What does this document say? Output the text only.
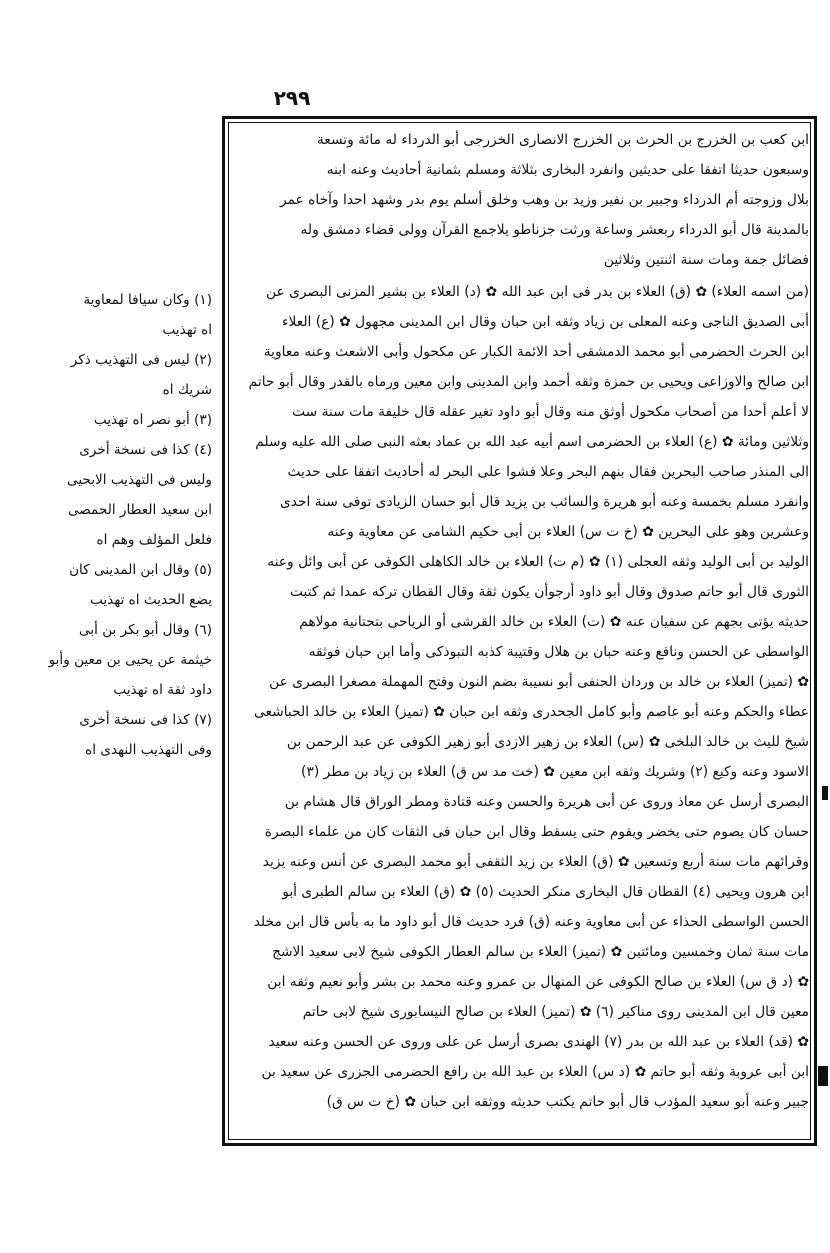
٢٩٩
ابن كعب بن الخزرج بن الحرث بن الخزرج الانصارى الخزرجى أبو الدرداء له مائة وتسعة
وسبعون حديثا اتفقا على حديثين وانفرد البخارى بثلاثة ومسلم بثمانية أحاديث وعنه ابنه
بلال وزوجته أم الدرداء وجبير بن نفير وزيد بن وهب وخلق أسلم يوم بدر وشهد احدا وآخاه عمر
بالمدينة قال أبو الدرداء ربعشر وساعة ورثت جزناطو يلاجمع القرآن وولى قضاء دمشق وله
فضائل جمة ومات سنة اثنتين وثلاثين
(من اسمه العلاء) ✿ (ق) العلاء بن بدر فى ابن عبد الله ✿ (د) العلاء بن بشير المزنى البصرى عن
أبى الصديق الناجى وعنه المعلى بن زياد وثقه ابن حبان وقال ابن المدينى مجهول ✿ (ع) العلاء
ابن الحرث الحضرمى أبو محمد الدمشقى أحد الائمة الكبار عن مكحول وأبى الاشعث وعنه معاوية
ابن صالح والاوزاعى ويحيى بن حمزة وثقه أحمد وابن المدينى وابن معين ورماه بالقدر وقال أبو حاتم
لا أعلم أحدا من أصحاب مكحول أوثق منه وقال أبو داود تغير عقله قال خليفة مات سنة ست
وثلاثين ومائة ✿ (ع) العلاء بن الحضرمى اسم أبيه عبد الله بن عماد بعثه النبى صلى الله عليه وسلم
الى المنذر صاحب البحرين فقال بنهم البحر وعلا فشوا على البحر له أحاديث اتفقا على حديث
وانفرد مسلم بخمسة وعنه أبو هريرة والسائب بن يزيد قال أبو حسان الزيادى توفى سنة احدى
وعشرين وهو على البحرين ✿ (خ ت س) العلاء بن أبى حكيم الشامى عن معاوية وعنه
الوليد بن أبى الوليد وثقه العجلى (١) ✿ (م ت) العلاء بن خالد الكاهلى الكوفى عن أبى وائل وعنه
الثورى قال أبو حاتم صدوق وقال أبو داود أرجوأن يكون ثقة وقال القطان تركه عمدا ثم كتبت
حديثه يؤتى بجهم عن سفيان عنه ✿ (ت) العلاء بن خالد القرشى أو الرياحى بتحتانية مولاهم
الواسطى عن الحسن ونافع وعنه حبان بن هلال وقتيبة كذبه التبوذكى وأما ابن حبان فوثقه
✿ (تميز) العلاء بن خالد بن وردان الحنفى أبو نسيبة بضم النون وفتح المهملة مصغرا البصرى عن
عطاء والحكم وعنه أبو عاصم وأبو كامل الجحدرى وثقه ابن حبان ✿ (تميز) العلاء بن خالد الحباشعى
شيخ لليث بن خالد البلخى ✿ (س) العلاء بن زهير الازدى أبو زهير الكوفى عن عبد الرحمن بن
الاسود وعنه وكيع (٢) وشريك وثقه ابن معين ✿ (خت مد س ق) العلاء بن زياد بن مطر (٣)
البصرى أرسل عن معاذ وروى عن أبى هريرة والحسن وعنه قتادة ومطر الوراق قال هشام بن
حسان كان يصوم حتى يخضر ويقوم حتى يسقط وقال ابن حبان فى الثقات كان من علماء البصرة
وقرائهم مات سنة أربع وتسعين ✿ (ق) العلاء بن زيد الثقفى أبو محمد البصرى عن أنس وعنه يزيد
ابن هرون ويحيى (٤) القطان قال البخارى منكر الحديث (٥) ✿ (ق) العلاء بن سالم الطبرى أبو
الحسن الواسطى الحذاء عن أبى معاوية وعنه (ق) فرد حديث قال أبو داود ما به بأس قال ابن مخلد
مات سنة ثمان وخمسين ومائتين ✿ (تميز) العلاء بن سالم العطار الكوفى شيخ لابى سعيد الاشج
✿ (د ق س) العلاء بن صالح الكوفى عن المنهال بن عمرو وعنه محمد بن بشر وأبو نعيم وثقه ابن
معين قال ابن المدينى روى مناكير (٦) ✿ (تميز) العلاء بن صالح النيسابورى شيخ لابى حاتم
✿ (قد) العلاء بن عبد الله بن بدر (٧) الهندى بصرى أرسل عن على وروى عن الحسن وعنه سعيد
ابن أبى عروبة وثقه أبو حاتم ✿ (د س) العلاء بن عبد الله بن رافع الحضرمى الجزرى عن سعيد بن
جبير وعنه أبو سعيد المؤدب قال أبو حاتم يكتب حديثه ووثقه ابن حبان ✿ (خ ت س ق)
(١) وكان سيافا لمعاوية
اه تهذيب
(٢) ليس فى التهذيب ذكر
شريك اه
(٣) أبو نصر اه تهذيب
(٤) كذا فى نسخة أخرى
وليس فى التهذيب الابحيى
ابن سعيد العطار الحمصى
فلعل المؤلف وهم اه
(٥) وقال ابن المدينى كان
يضع الحديث اه تهذيب
(٦) وقال أبو بكر بن أبى
خيثمة عن يحيى بن معين وأبو
داود ثقة اه تهذيب
(٧) كذا فى نسخة أخرى
وفى التهذيب النهدى اه
